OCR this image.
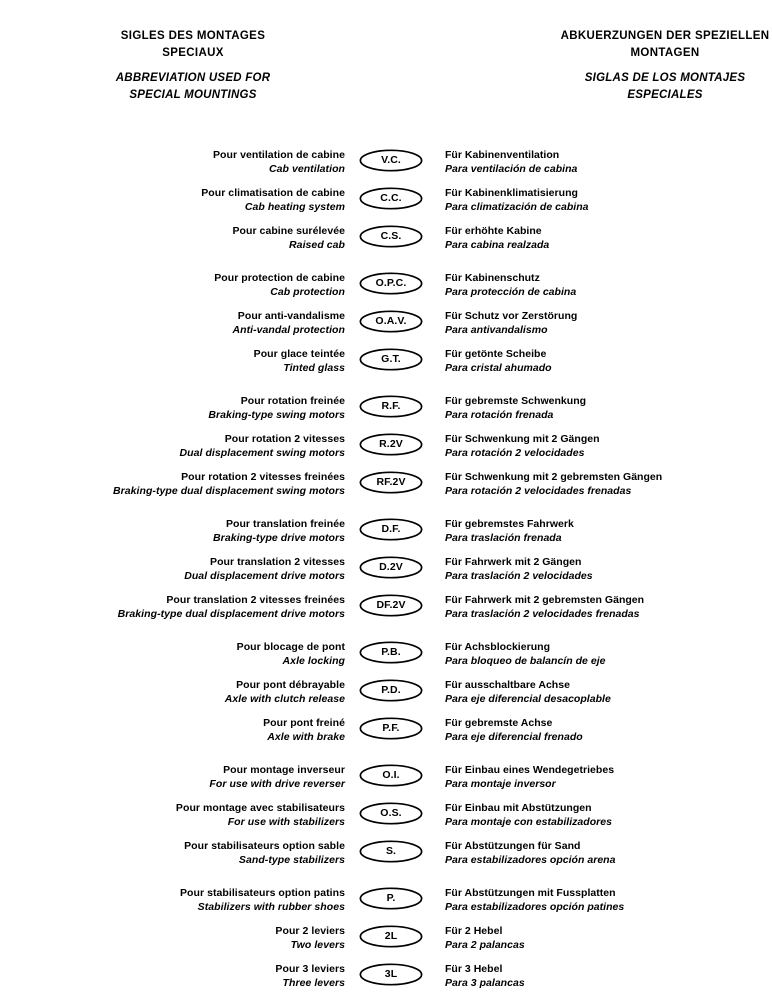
SIGLES DES MONTAGES
SPECIAUX
ABBREVIATION USED FOR
SPECIAL MOUNTINGS
ABKUERZUNGEN DER SPEZIELLEN
MONTAGEN
SIGLAS DE LOS MONTAJES
ESPECIALES
Pour ventilation de cabine
Cab ventilation
V.C.	Für Kabinenventilation
Para ventilación de cabina
Pour climatisation de cabine
Cab heating system
C.C.	Für Kabinenklimatisierung
Para climatización de cabina
Pour cabine surélevée
Raised cab
C.S.	Für erhöhte Kabine
Para cabina realzada
Pour protection de cabine
Cab protection
O.P.C.	Für Kabinenschutz
Para protección de cabina
Pour anti-vandalisme
Anti-vandal protection
O.A.V.	Für Schutz vor Zerstörung
Para antivandalismo
Pour glace teintée
Tinted glass
G.T.	Für getönte Scheibe
Para cristal ahumado
Pour rotation freinée
Braking-type swing motors
R.F.	Für gebremste Schwenkung
Para rotación frenada
Pour rotation 2 vitesses
Dual displacement swing motors
R.2V	Für Schwenkung mit 2 Gängen
Para rotación 2 velocidades
Pour rotation 2 vitesses freinées
Braking-type dual displacement swing motors
RF.2V	Für Schwenkung mit 2 gebremsten Gängen
Para rotación 2 velocidades frenadas
Pour translation freinée
Braking-type drive motors
D.F.	Für gebremstes Fahrwerk
Para traslación frenada
Pour translation 2 vitesses
Dual displacement drive motors
D.2V	Für Fahrwerk mit 2 Gängen
Para traslación 2 velocidades
Pour translation 2 vitesses freinées
Braking-type dual displacement drive motors
DF.2V	Für Fahrwerk mit 2 gebremsten Gängen
Para traslación 2 velocidades frenadas
Pour blocage de pont
Axle locking
P.B.	Für Achsblockierung
Para bloqueo de balancín de eje
Pour pont débrayable
Axle with clutch release
P.D.	Für ausschaltbare Achse
Para eje diferencial desacoplable
Pour pont freiné
Axle with brake
P.F.	Für gebremste Achse
Para eje diferencial frenado
Pour montage inverseur
For use with drive reverser
O.I.	Für Einbau eines Wendegetriebes
Para montaje inversor
Pour montage avec stabilisateurs
For use with stabilizers
O.S.	Für Einbau mit Abstützungen
Para montaje con estabilizadores
Pour stabilisateurs option sable
Sand-type stabilizers
S.	Für Abstützungen für Sand
Para estabilizadores opción arena
Pour stabilisateurs option patins
Stabilizers with rubber shoes
P.	Für Abstützungen mit Fussplatten
Para estabilizadores opción patines
Pour 2 leviers
Two levers
2L	Für 2 Hebel
Para 2 palancas
Pour 3 leviers
Three levers
3L	Für 3 Hebel
Para 3 palancas
